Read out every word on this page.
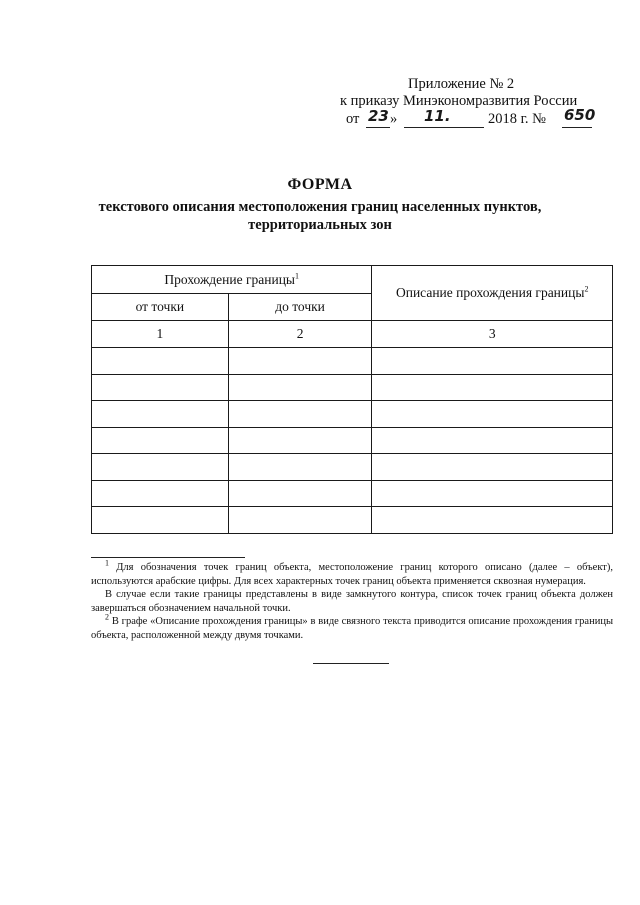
Приложение № 2
к приказу Минэкономразвития России
от 23 » 11.	2018 г. № 650
ФОРМА
текстового описания местоположения границ населенных пунктов,
территориальных зон
Прохождение границы$^1$		Описание прохождения границы$^2$
от точки	до точки	
1	2	3

$^1$ Для обозначения точек границ объекта, местоположение границ которого описано (далее – объект), используются арабские цифры. Для всех характерных точек границ объекта применяется сквозная нумерация.

В случае если такие границы представлены в виде замкнутого контура, список точек границ объекта должен завершаться обозначением начальной точки.

$^2$ В графе «Описание прохождения границы» в виде связного текста приводится описание прохождения границы объекта, расположенной между двумя точками.
